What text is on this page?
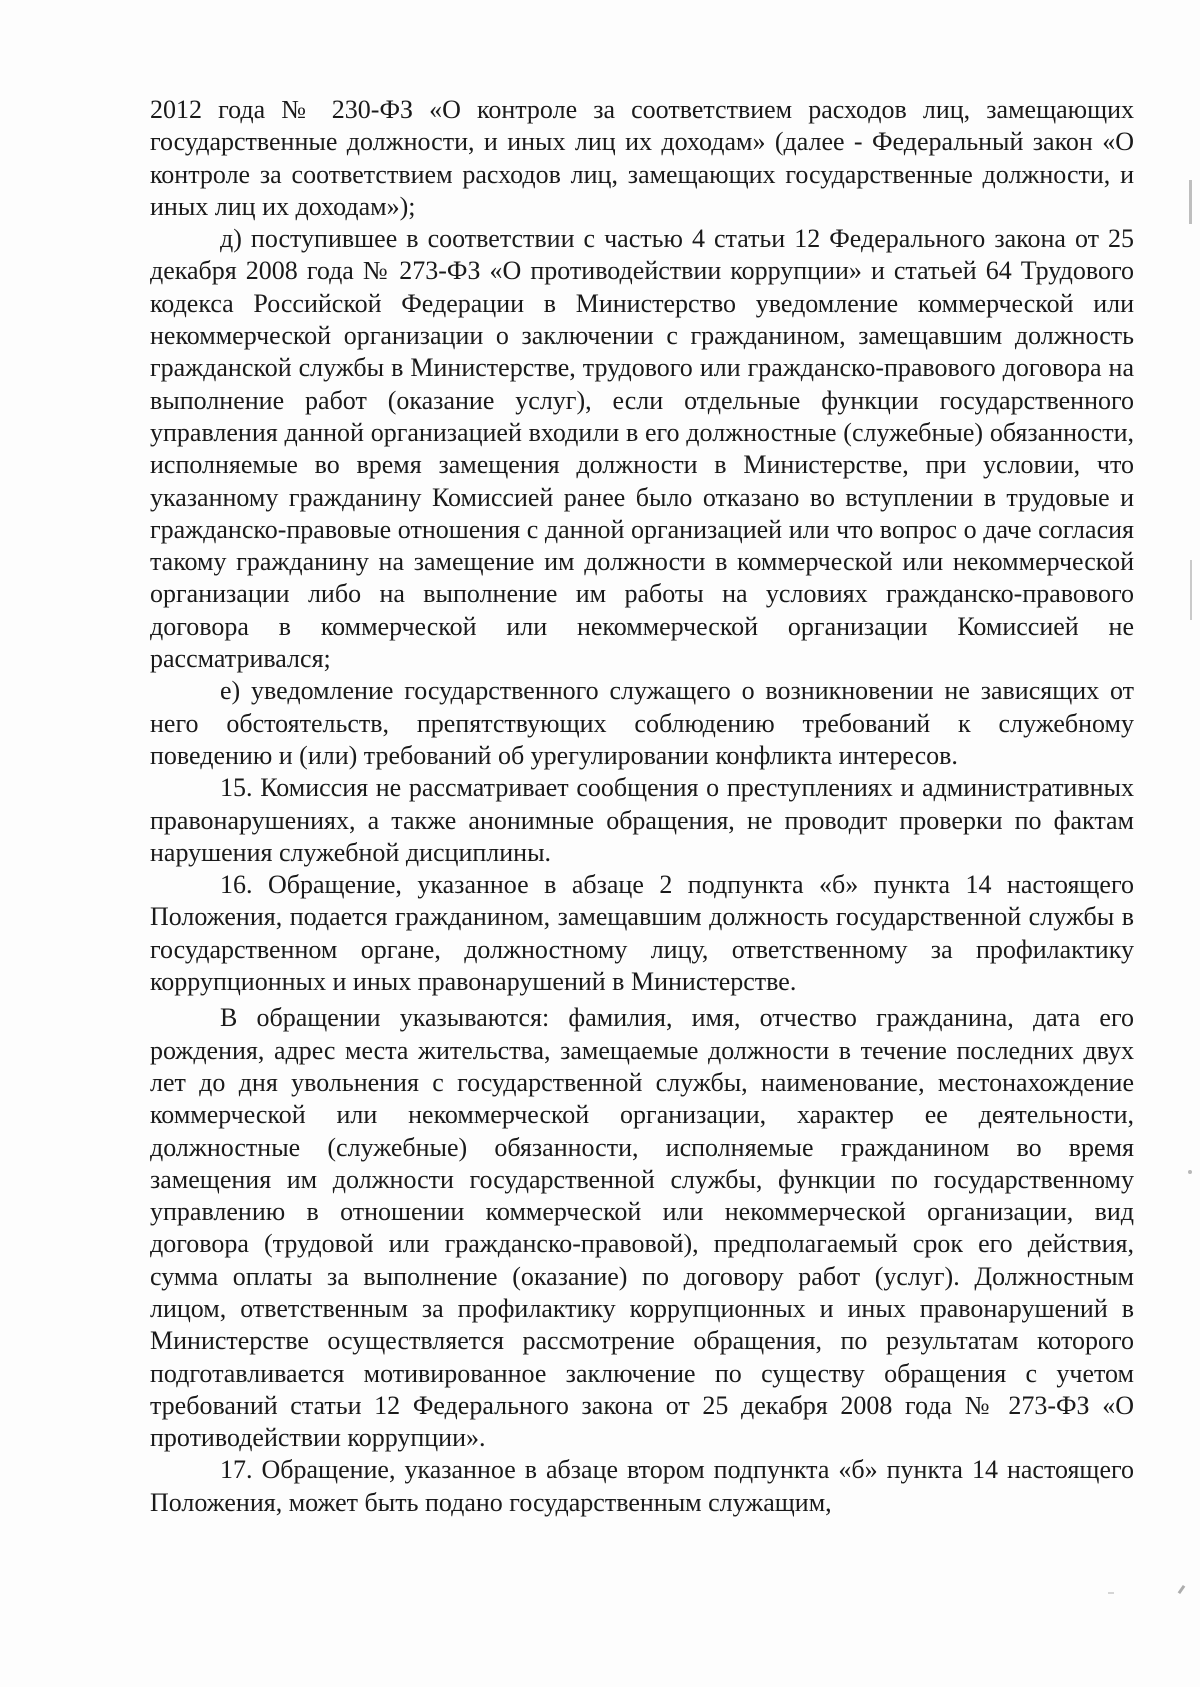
2012 года № 230-ФЗ «О контроле за соответствием расходов лиц, замещающих государственные должности, и иных лиц их доходам» (далее - Федеральный закон «О контроле за соответствием расходов лиц, замещающих государственные должности, и иных лиц их доходам»);

д) поступившее в соответствии с частью 4 статьи 12 Федерального закона от 25 декабря 2008 года № 273-ФЗ «О противодействии коррупции» и статьей 64 Трудового кодекса Российской Федерации в Министерство уведомление коммерческой или некоммерческой организации о заключении с гражданином, замещавшим должность гражданской службы в Министерстве, трудового или гражданско-правового договора на выполнение работ (оказание услуг), если отдельные функции государственного управления данной организацией входили в его должностные (служебные) обязанности, исполняемые во время замещения должности в Министерстве, при условии, что указанному гражданину Комиссией ранее было отказано во вступлении в трудовые и гражданско-правовые отношения с данной организацией или что вопрос о даче согласия такому гражданину на замещение им должности в коммерческой или некоммерческой организации либо на выполнение им работы на условиях гражданско-правового договора в коммерческой или некоммерческой организации Комиссией не рассматривался;

е) уведомление государственного служащего о возникновении не зависящих от него обстоятельств, препятствующих соблюдению требований к служебному поведению и (или) требований об урегулировании конфликта интересов.

15. Комиссия не рассматривает сообщения о преступлениях и административных правонарушениях, а также анонимные обращения, не проводит проверки по фактам нарушения служебной дисциплины.

16. Обращение, указанное в абзаце 2 подпункта «б» пункта 14 настоящего Положения, подается гражданином, замещавшим должность государственной службы в государственном органе, должностному лицу, ответственному за профилактику коррупционных и иных правонарушений в Министерстве.

В обращении указываются: фамилия, имя, отчество гражданина, дата его рождения, адрес места жительства, замещаемые должности в течение последних двух лет до дня увольнения с государственной службы, наименование, местонахождение коммерческой или некоммерческой организации, характер ее деятельности, должностные (служебные) обязанности, исполняемые гражданином во время замещения им должности государственной службы, функции по государственному управлению в отношении коммерческой или некоммерческой организации, вид договора (трудовой или гражданско-правовой), предполагаемый срок его действия, сумма оплаты за выполнение (оказание) по договору работ (услуг). Должностным лицом, ответственным за профилактику коррупционных и иных правонарушений в Министерстве осуществляется рассмотрение обращения, по результатам которого подготавливается мотивированное заключение по существу обращения с учетом требований статьи 12 Федерального закона от 25 декабря 2008 года № 273-ФЗ «О противодействии коррупции».

17. Обращение, указанное в абзаце втором подпункта «б» пункта 14 настоящего Положения, может быть подано государственным служащим,
